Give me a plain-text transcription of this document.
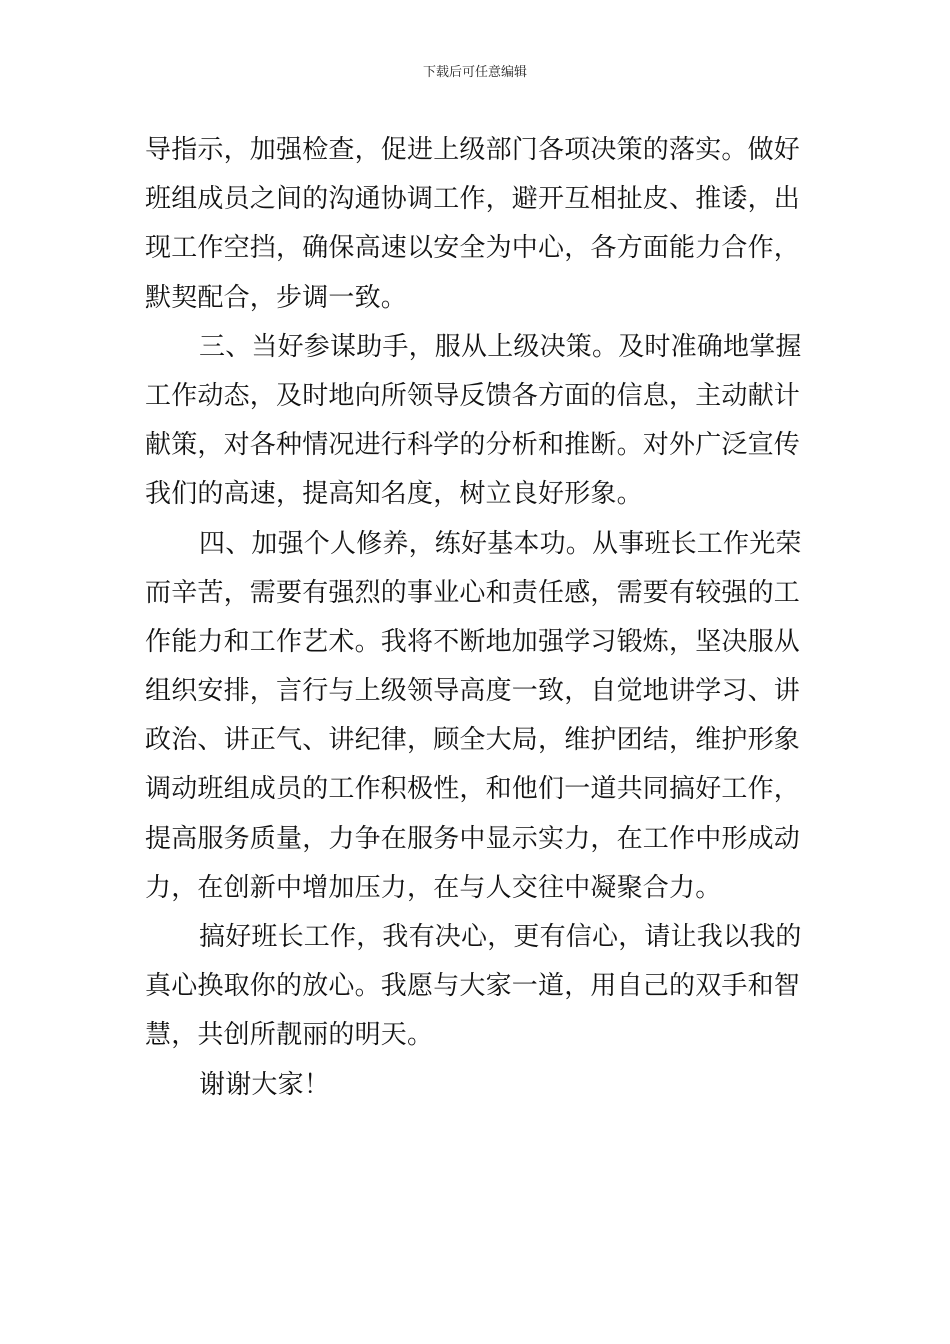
下载后可任意编辑
导指示，加强检查，促进上级部门各项决策的落实。做好
班组成员之间的沟通协调工作，避开互相扯皮、推诿，出
现工作空挡，确保高速以安全为中心，各方面能力合作，
默契配合，步调一致。
三、当好参谋助手，服从上级决策。及时准确地掌握
工作动态，及时地向所领导反馈各方面的信息，主动献计
献策，对各种情况进行科学的分析和推断。对外广泛宣传
我们的高速，提高知名度，树立良好形象。
四、加强个人修养，练好基本功。从事班长工作光荣
而辛苦，需要有强烈的事业心和责任感，需要有较强的工
作能力和工作艺术。我将不断地加强学习锻炼，坚决服从
组织安排，言行与上级领导高度一致，自觉地讲学习、讲
政治、讲正气、讲纪律，顾全大局，维护团结，维护形象
调动班组成员的工作积极性，和他们一道共同搞好工作，
提高服务质量，力争在服务中显示实力，在工作中形成动
力，在创新中增加压力，在与人交往中凝聚合力。
搞好班长工作，我有决心，更有信心，请让我以我的
真心换取你的放心。我愿与大家一道，用自己的双手和智
慧，共创所靓丽的明天。
谢谢大家！
